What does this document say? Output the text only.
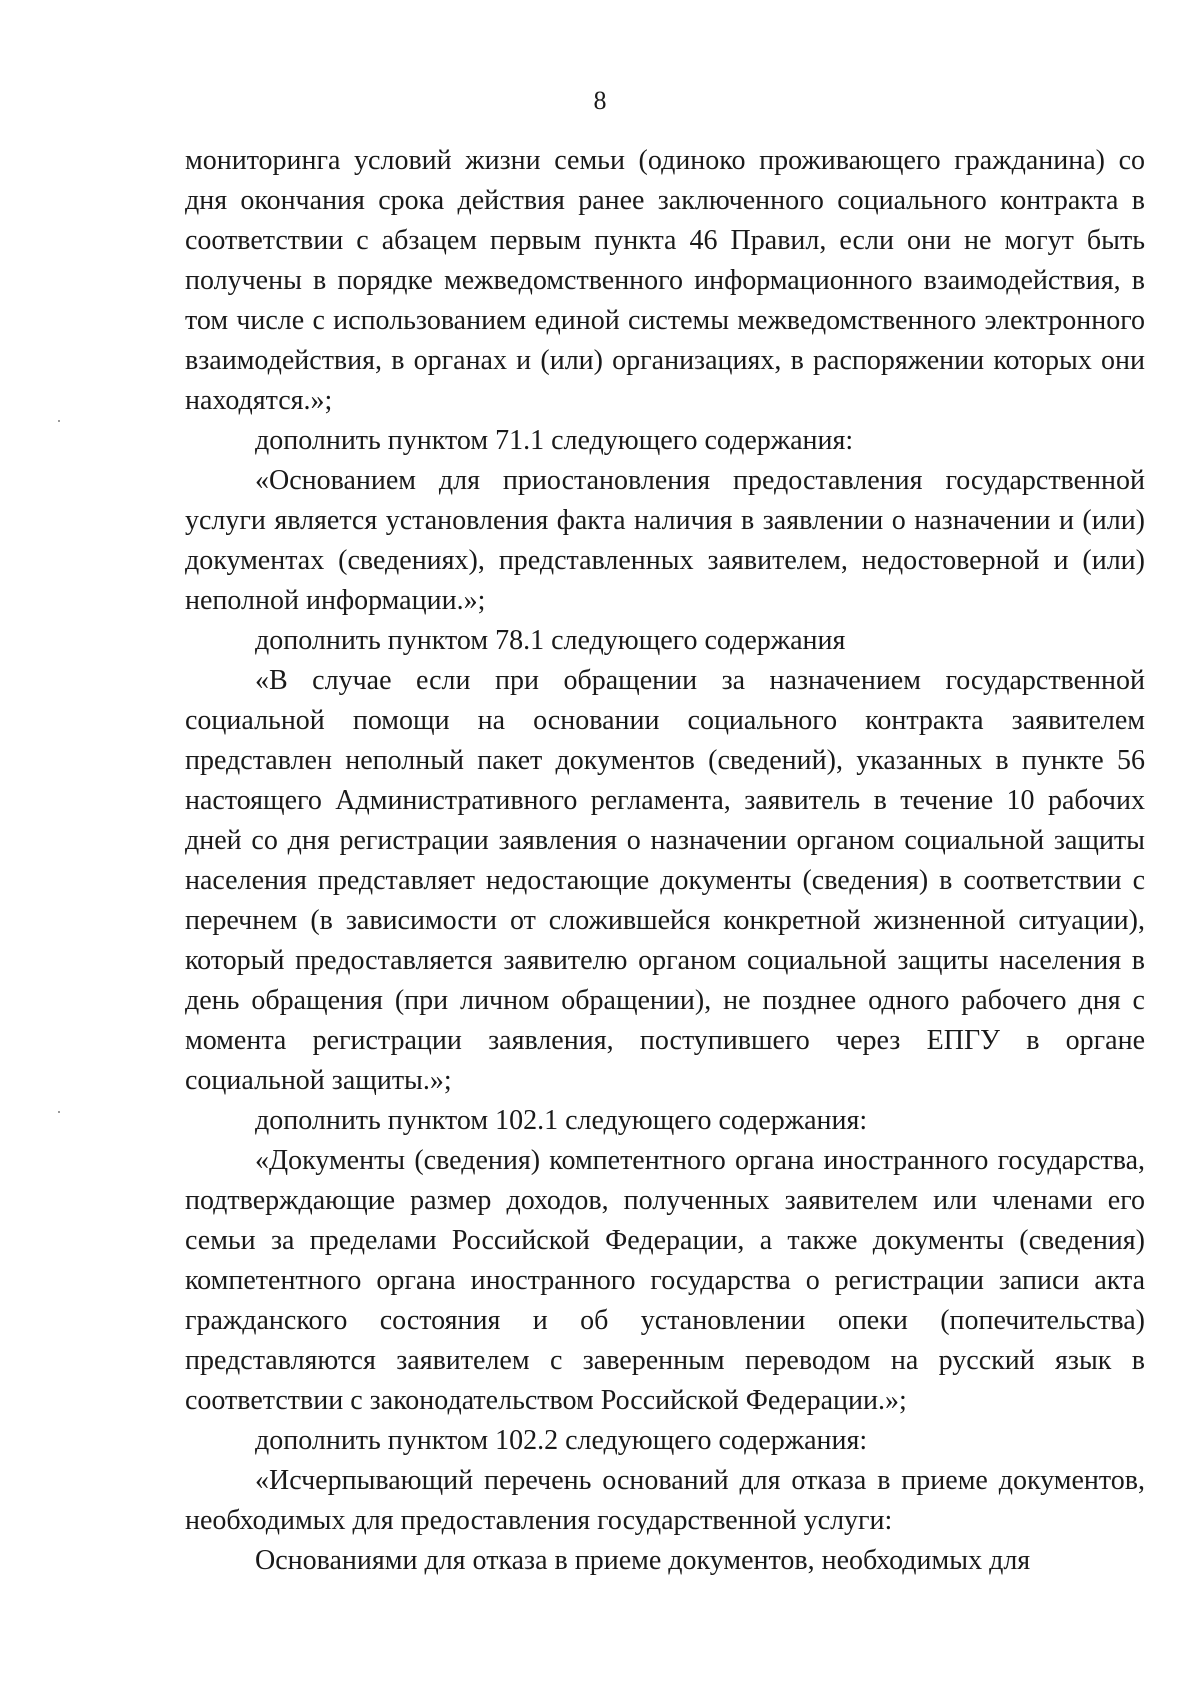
8

мониторинга условий жизни семьи (одиноко проживающего гражданина) со дня окончания срока действия ранее заключенного социального контракта в соответствии с абзацем первым пункта 46 Правил, если они не могут быть получены в порядке межведомственного информационного взаимодействия, в том числе с использованием единой системы межведомственного электронного взаимодействия, в органах и (или) организациях, в распоряжении которых они находятся.»;

дополнить пунктом 71.1 следующего содержания:

«Основанием для приостановления предоставления государственной услуги является установления факта наличия в заявлении о назначении и (или) документах (сведениях), представленных заявителем, недостоверной и (или) неполной информации.»;

дополнить пунктом 78.1 следующего содержания

«В случае если при обращении за назначением государственной социальной помощи на основании социального контракта заявителем представлен неполный пакет документов (сведений), указанных в пункте 56 настоящего Административного регламента, заявитель в течение 10 рабочих дней со дня регистрации заявления о назначении органом социальной защиты населения представляет недостающие документы (сведения) в соответствии с перечнем (в зависимости от сложившейся конкретной жизненной ситуации), который предоставляется заявителю органом социальной защиты населения в день обращения (при личном обращении), не позднее одного рабочего дня с момента регистрации заявления, поступившего через ЕПГУ в органе социальной защиты.»;

дополнить пунктом 102.1 следующего содержания:

«Документы (сведения) компетентного органа иностранного государства, подтверждающие размер доходов, полученных заявителем или членами его семьи за пределами Российской Федерации, а также документы (сведения) компетентного органа иностранного государства о регистрации записи акта гражданского состояния и об установлении опеки (попечительства) представляются заявителем с заверенным переводом на русский язык в соответствии с законодательством Российской Федерации.»;

дополнить пунктом 102.2 следующего содержания:

«Исчерпывающий перечень оснований для отказа в приеме документов, необходимых для предоставления государственной услуги:

Основаниями для отказа в приеме документов, необходимых для
